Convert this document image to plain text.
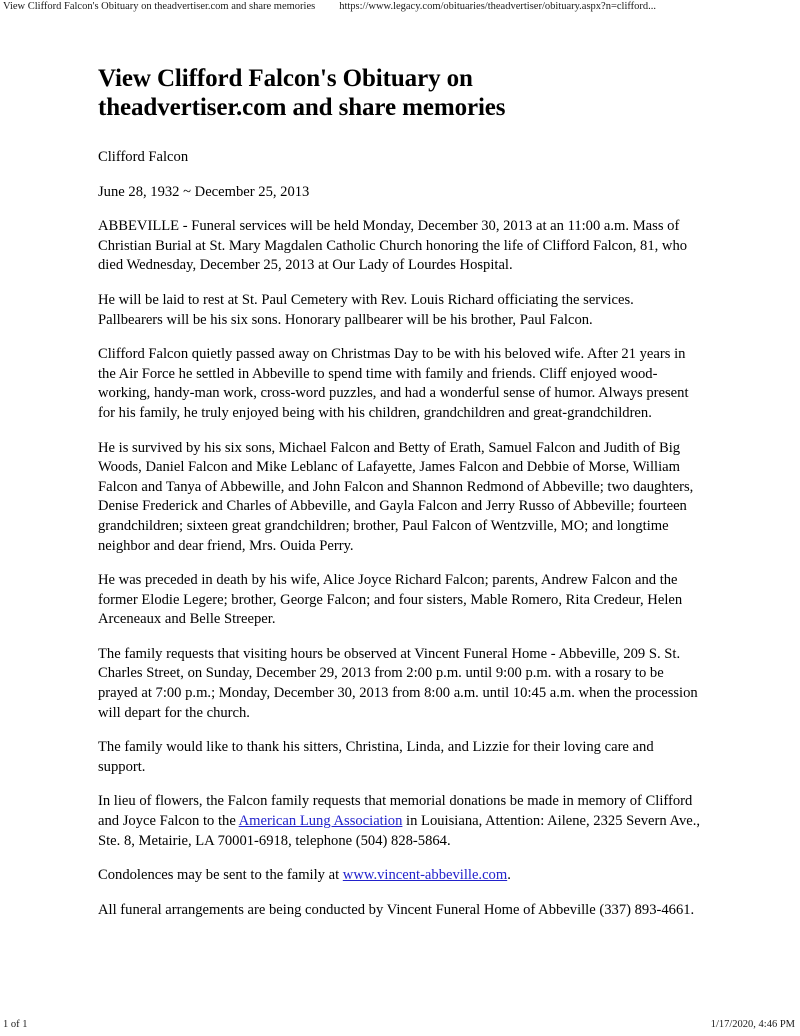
View Clifford Falcon's Obituary on theadvertiser.com and share memories	https://www.legacy.com/obituaries/theadvertiser/obituary.aspx?n=clifford...
View Clifford Falcon's Obituary on theadvertiser.com and share memories

Clifford Falcon

June 28, 1932 ~ December 25, 2013

ABBEVILLE - Funeral services will be held Monday, December 30, 2013 at an 11:00 a.m. Mass of Christian Burial at St. Mary Magdalen Catholic Church honoring the life of Clifford Falcon, 81, who died Wednesday, December 25, 2013 at Our Lady of Lourdes Hospital.

He will be laid to rest at St. Paul Cemetery with Rev. Louis Richard officiating the services. Pallbearers will be his six sons. Honorary pallbearer will be his brother, Paul Falcon.

Clifford Falcon quietly passed away on Christmas Day to be with his beloved wife. After 21 years in the Air Force he settled in Abbeville to spend time with family and friends. Cliff enjoyed wood-working, handy-man work, cross-word puzzles, and had a wonderful sense of humor. Always present for his family, he truly enjoyed being with his children, grandchildren and great-grandchildren.

He is survived by his six sons, Michael Falcon and Betty of Erath, Samuel Falcon and Judith of Big Woods, Daniel Falcon and Mike Leblanc of Lafayette, James Falcon and Debbie of Morse, William Falcon and Tanya of Abbewille, and John Falcon and Shannon Redmond of Abbeville; two daughters, Denise Frederick and Charles of Abbeville, and Gayla Falcon and Jerry Russo of Abbeville; fourteen grandchildren; sixteen great grandchildren; brother, Paul Falcon of Wentzville, MO; and longtime neighbor and dear friend, Mrs. Ouida Perry.

He was preceded in death by his wife, Alice Joyce Richard Falcon; parents, Andrew Falcon and the former Elodie Legere; brother, George Falcon; and four sisters, Mable Romero, Rita Credeur, Helen Arceneaux and Belle Streeper.

The family requests that visiting hours be observed at Vincent Funeral Home - Abbeville, 209 S. St. Charles Street, on Sunday, December 29, 2013 from 2:00 p.m. until 9:00 p.m. with a rosary to be prayed at 7:00 p.m.; Monday, December 30, 2013 from 8:00 a.m. until 10:45 a.m. when the procession will depart for the church.

The family would like to thank his sitters, Christina, Linda, and Lizzie for their loving care and support.

In lieu of flowers, the Falcon family requests that memorial donations be made in memory of Clifford and Joyce Falcon to the American Lung Association in Louisiana, Attention: Ailene, 2325 Severn Ave., Ste. 8, Metairie, LA 70001-6918, telephone (504) 828-5864.

Condolences may be sent to the family at www.vincent-abbeville.com.

All funeral arrangements are being conducted by Vincent Funeral Home of Abbeville (337) 893-4661.

1 of 1	1/17/2020, 4:46 PM
